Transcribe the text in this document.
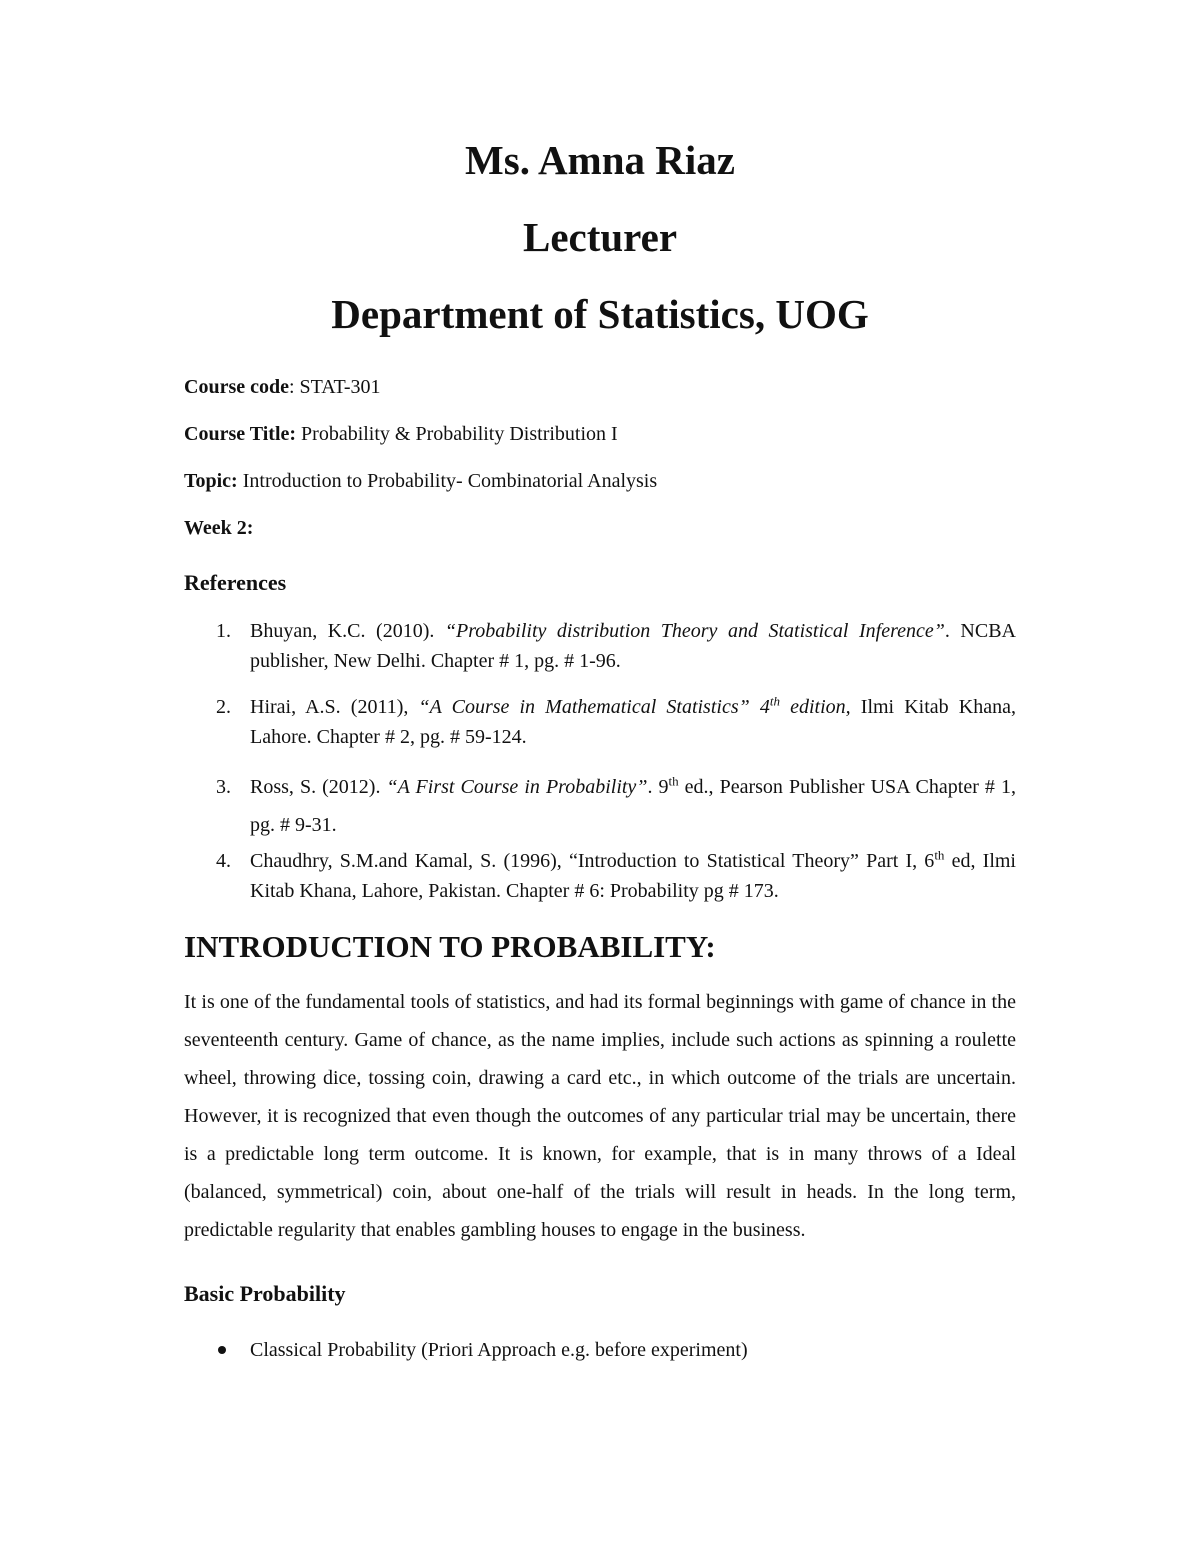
Ms. Amna Riaz
Lecturer
Department of Statistics, UOG

Course code: STAT-301

Course Title: Probability & Probability Distribution I

Topic: Introduction to Probability- Combinatorial Analysis

Week 2:

References
1. Bhuyan, K.C. (2010). “Probability distribution Theory and Statistical Inference”. NCBA publisher, New Delhi. Chapter # 1, pg. # 1-96.
2. Hirai, A.S. (2011), “A Course in Mathematical Statistics” 4th edition, Ilmi Kitab Khana, Lahore. Chapter # 2, pg. # 59-124.
3. Ross, S. (2012). “A First Course in Probability”. 9th ed., Pearson Publisher USA Chapter # 1, pg. # 9-31.
4. Chaudhry, S.M.and Kamal, S. (1996), “Introduction to Statistical Theory” Part I, 6th ed, Ilmi Kitab Khana, Lahore, Pakistan. Chapter # 6: Probability pg # 173.
INTRODUCTION TO PROBABILITY:

It is one of the fundamental tools of statistics, and had its formal beginnings with game of chance in the seventeenth century. Game of chance, as the name implies, include such actions as spinning a roulette wheel, throwing dice, tossing coin, drawing a card etc., in which outcome of the trials are uncertain. However, it is recognized that even though the outcomes of any particular trial may be uncertain, there is a predictable long term outcome. It is known, for example, that is in many throws of a Ideal (balanced, symmetrical) coin, about one-half of the trials will result in heads. In the long term, predictable regularity that enables gambling houses to engage in the business.

Basic Probability
Classical Probability (Priori Approach e.g. before experiment)
